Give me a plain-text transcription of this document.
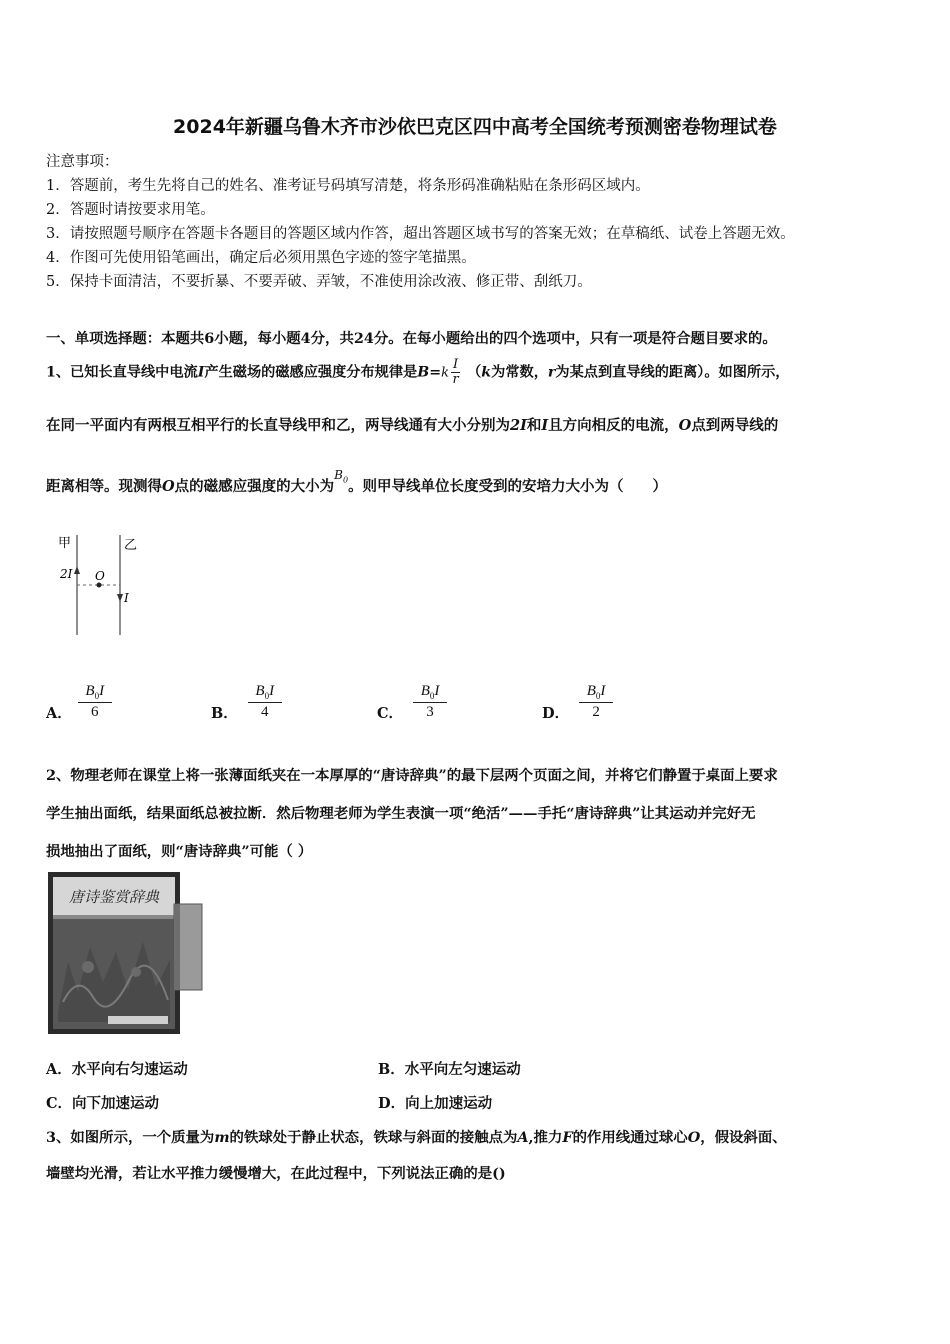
2024年新疆乌鲁木齐市沙依巴克区四中高考全国统考预测密卷物理试卷
注意事项：
1．答题前，考生先将自己的姓名、准考证号码填写清楚，将条形码准确粘贴在条形码区域内。
2．答题时请按要求用笔。
3．请按照题号顺序在答题卡各题目的答题区域内作答，超出答题区域书写的答案无效；在草稿纸、试卷上答题无效。
4．作图可先使用铅笔画出，确定后必须用黑色字迹的签字笔描黑。
5．保持卡面清洁，不要折暴、不要弄破、弄皱，不准使用涂改液、修正带、刮纸刀。
一、单项选择题：本题共6小题，每小题4分，共24分。在每小题给出的四个选项中，只有一项是符合题目要求的。
1、已知长直导线中电流I产生磁场的磁感应强度分布规律是$B=k \frac{I}{r} (k$为常数，r为某点到直导线的距离）。如图所示，
在同一平面内有两根互相平行的长直导线甲和乙，两导线通有大小分别为2I和I且方向相反的电流，O点到两导线的
距离相等。现测得O点的磁感应强度的大小为$^{B_0}$。则甲导线单位长度受到的安培力大小为（　　）
甲	乙
2I O
I
A．
$B_0I$
6	B．
$B_0I$
4	C．
$B_0I$
3	D．
$B_0I$
2
2、物理老师在课堂上将一张薄面纸夹在一本厚厚的“唐诗辞典”的最下层两个页面之间，并将它们静置于桌面上要求
学生抽出面纸，结果面纸总被拉断．然后物理老师为学生表演一项“绝活”——手托“唐诗辞典”让其运动并完好无
损地抽出了面纸，则“唐诗辞典”可能（ ）
唐诗鉴赏辞典
A．水平向右匀速运动	B．水平向左匀速运动
C．向下加速运动	D．向上加速运动
3、如图所示，一个质量为m的铁球处于静止状态，铁球与斜面的接触点为A,推力F的作用线通过球心O，假设斜面、
墙壁均光滑，若让水平推力缓慢增大，在此过程中，下列说法正确的是()
